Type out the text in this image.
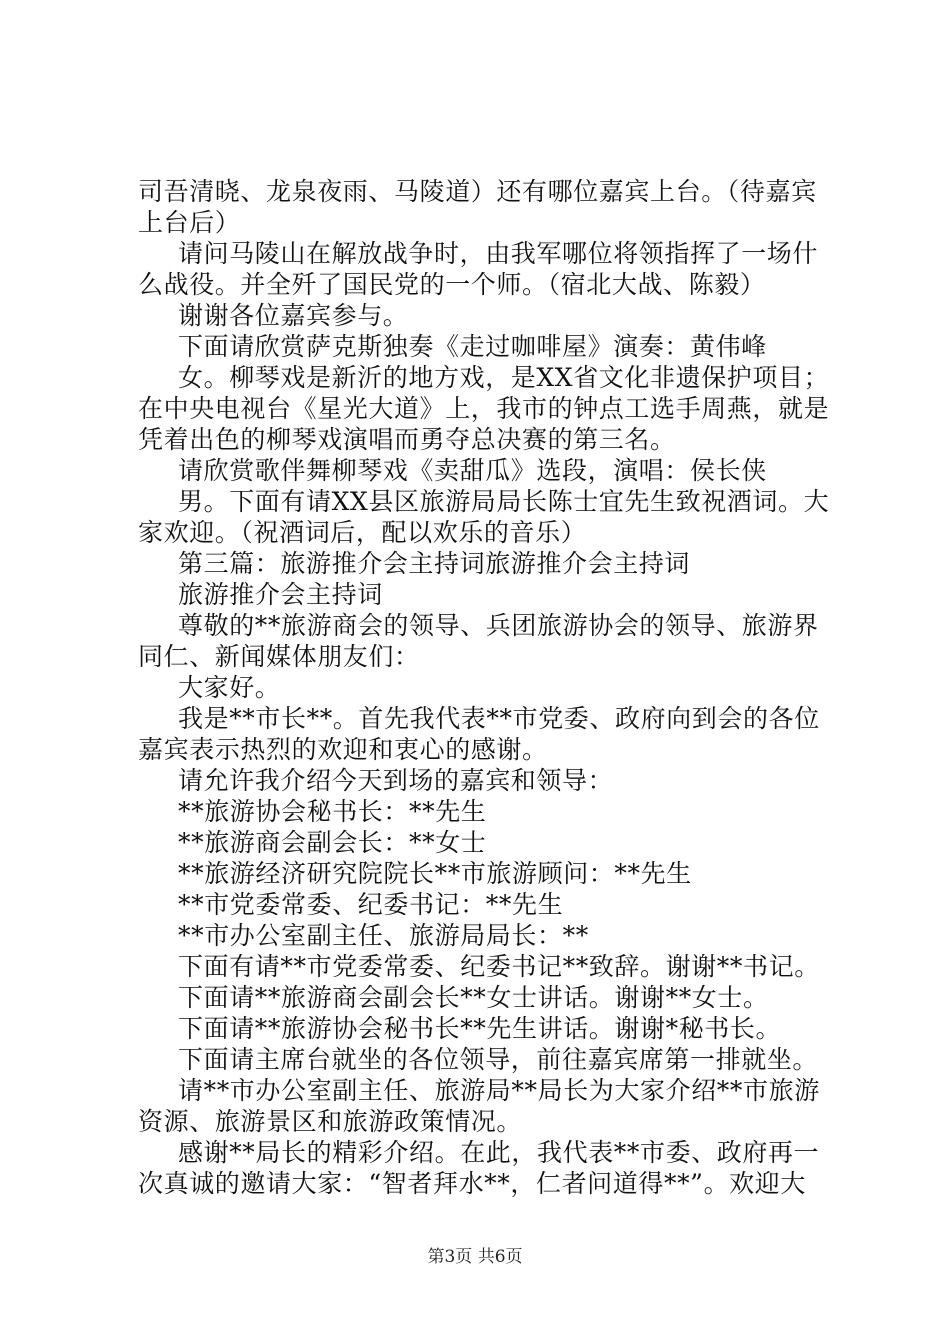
司吾清晓、龙泉夜雨、马陵道）还有哪位嘉宾上台。（待嘉宾
上台后）
请问马陵山在解放战争时，由我军哪位将领指挥了一场什
么战役。并全歼了国民党的一个师。（宿北大战、陈毅）
谢谢各位嘉宾参与。
下面请欣赏萨克斯独奏《走过咖啡屋》演奏：黄伟峰
女。柳琴戏是新沂的地方戏，是XX省文化非遗保护项目；
在中央电视台《星光大道》上，我市的钟点工选手周燕，就是
凭着出色的柳琴戏演唱而勇夺总决赛的第三名。
请欣赏歌伴舞柳琴戏《卖甜瓜》选段，演唱：侯长侠
男。下面有请XX县区旅游局局长陈士宜先生致祝酒词。大
家欢迎。（祝酒词后，配以欢乐的音乐）
第三篇：旅游推介会主持词旅游推介会主持词
旅游推介会主持词
尊敬的**旅游商会的领导、兵团旅游协会的领导、旅游界
同仁、新闻媒体朋友们：
大家好。
我是**市长**。首先我代表**市党委、政府向到会的各位
嘉宾表示热烈的欢迎和衷心的感谢。
请允许我介绍今天到场的嘉宾和领导：
**旅游协会秘书长：**先生
**旅游商会副会长：**女士
**旅游经济研究院院长**市旅游顾问：**先生
**市党委常委、纪委书记：**先生
**市办公室副主任、旅游局局长：**
下面有请**市党委常委、纪委书记**致辞。谢谢**书记。
下面请**旅游商会副会长**女士讲话。谢谢**女士。
下面请**旅游协会秘书长**先生讲话。谢谢*秘书长。
下面请主席台就坐的各位领导，前往嘉宾席第一排就坐。
请**市办公室副主任、旅游局**局长为大家介绍**市旅游
资源、旅游景区和旅游政策情况。
感谢**局长的精彩介绍。在此，我代表**市委、政府再一
次真诚的邀请大家：“智者拜水**，仁者问道得**”。欢迎大
第3页 共6页
